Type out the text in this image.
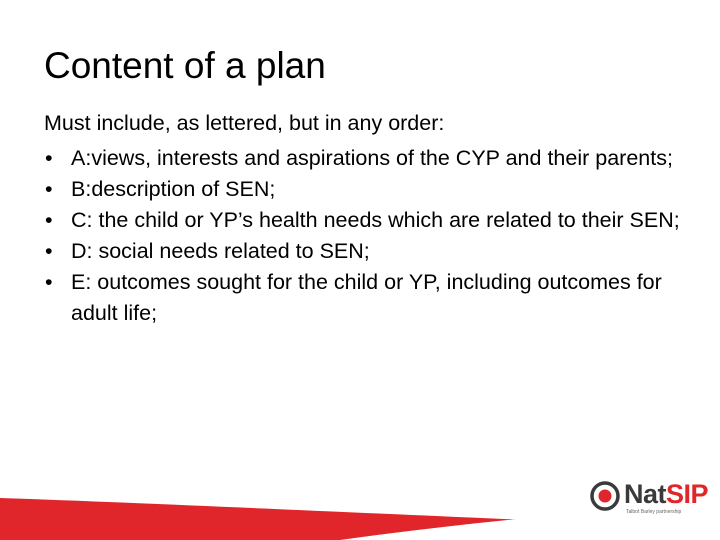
Content of a plan
Must include, as lettered, but in any order:
• A:views, interests and aspirations of the CYP and their parents;
• B:description of SEN;
• C: the child or YP’s health needs which are related to their SEN;
• D: social needs related to SEN;
• E: outcomes sought for the child or YP, including outcomes for adult life;
NatSIP
Talbot Barley partnership
